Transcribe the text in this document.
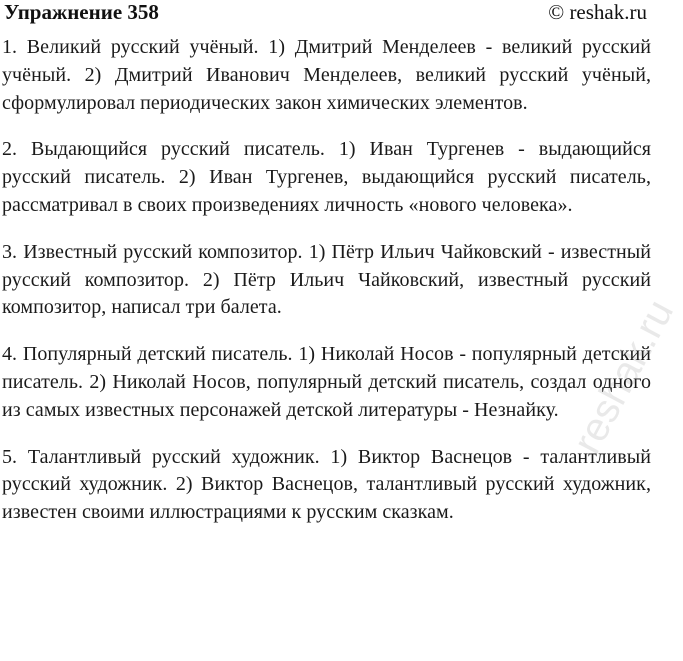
Упражнение 358	© reshak.ru

1. Великий русский учёный. 1) Дмитрий Менделеев - великий русский учёный. 2) Дмитрий Иванович Менделеев, великий русский учёный, сформулировал периодических закон химических элементов.

2. Выдающийся русский писатель. 1) Иван Тургенев - выдающийся русский писатель. 2) Иван Тургенев, выдающийся русский писатель, рассматривал в своих произведениях личность «нового человека».

3. Известный русский композитор. 1) Пётр Ильич Чайковский - известный русский композитор. 2) Пётр Ильич Чайковский, известный русский композитор, написал три балета.

4. Популярный детский писатель. 1) Николай Носов - популярный детский писатель. 2) Николай Носов, популярный детский писатель, создал одного из самых известных персонажей детской литературы - Незнайку.

5. Талантливый русский художник. 1) Виктор Васнецов - талантливый русский художник. 2) Виктор Васнецов, талантливый русский художник, известен своими иллюстрациями к русским сказкам.

reshak.ru
